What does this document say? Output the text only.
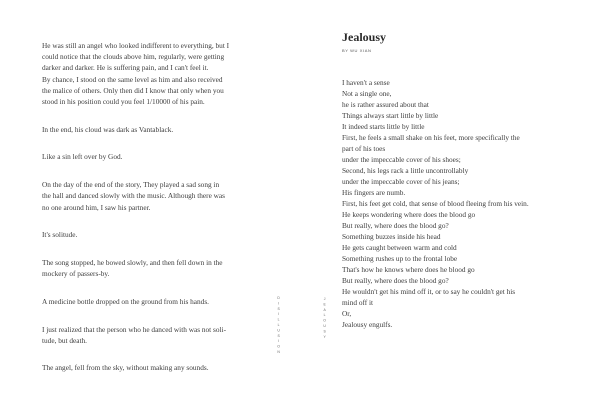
He was still an angel who looked indifferent to everything, but I
could notice that the clouds above him, regularly, were getting
darker and darker. He is suffering pain, and I can't feel it.
By chance, I stood on the same level as him and also received
the malice of others. Only then did I know that only when you
stood in his position could you feel 1/10000 of his pain.

In the end, his cloud was dark as Vantablack.

Like a sin left over by God.

On the day of the end of the story, They played a sad song in
the hall and danced slowly with the music. Although there was
no one around him, I saw his partner.

It's solitude.

The song stopped, he bowed slowly, and then fell down in the
mockery of passers-by.

A medicine bottle dropped on the ground from his hands.

I just realized that the person who he danced with was not soli-
tude, but death.

The angel, fell from the sky, without making any sounds.

DISILLUSION	JEALOUSY
Jealousy
BY WU XIAN
I haven't a sense
Not a single one,
he is rather assured about that
Things always start little by little
It indeed starts little by little
First, he feels a small shake on his feet, more specifically the
part of his toes
under the impeccable cover of his shoes;
Second, his legs rack a little uncontrollably
under the impeccable cover of his jeans;
His fingers are numb.
First, his feet get cold, that sense of blood fleeing from his vein.
He keeps wondering where does the blood go
But really, where does the blood go?
Something buzzes inside his head
He gets caught between warm and cold
Something rushes up to the frontal lobe
That's how he knows where does he blood go
But really, where does the blood go?
He wouldn't get his mind off it, or to say he couldn't get his
mind off it
Or,
Jealousy engulfs.
